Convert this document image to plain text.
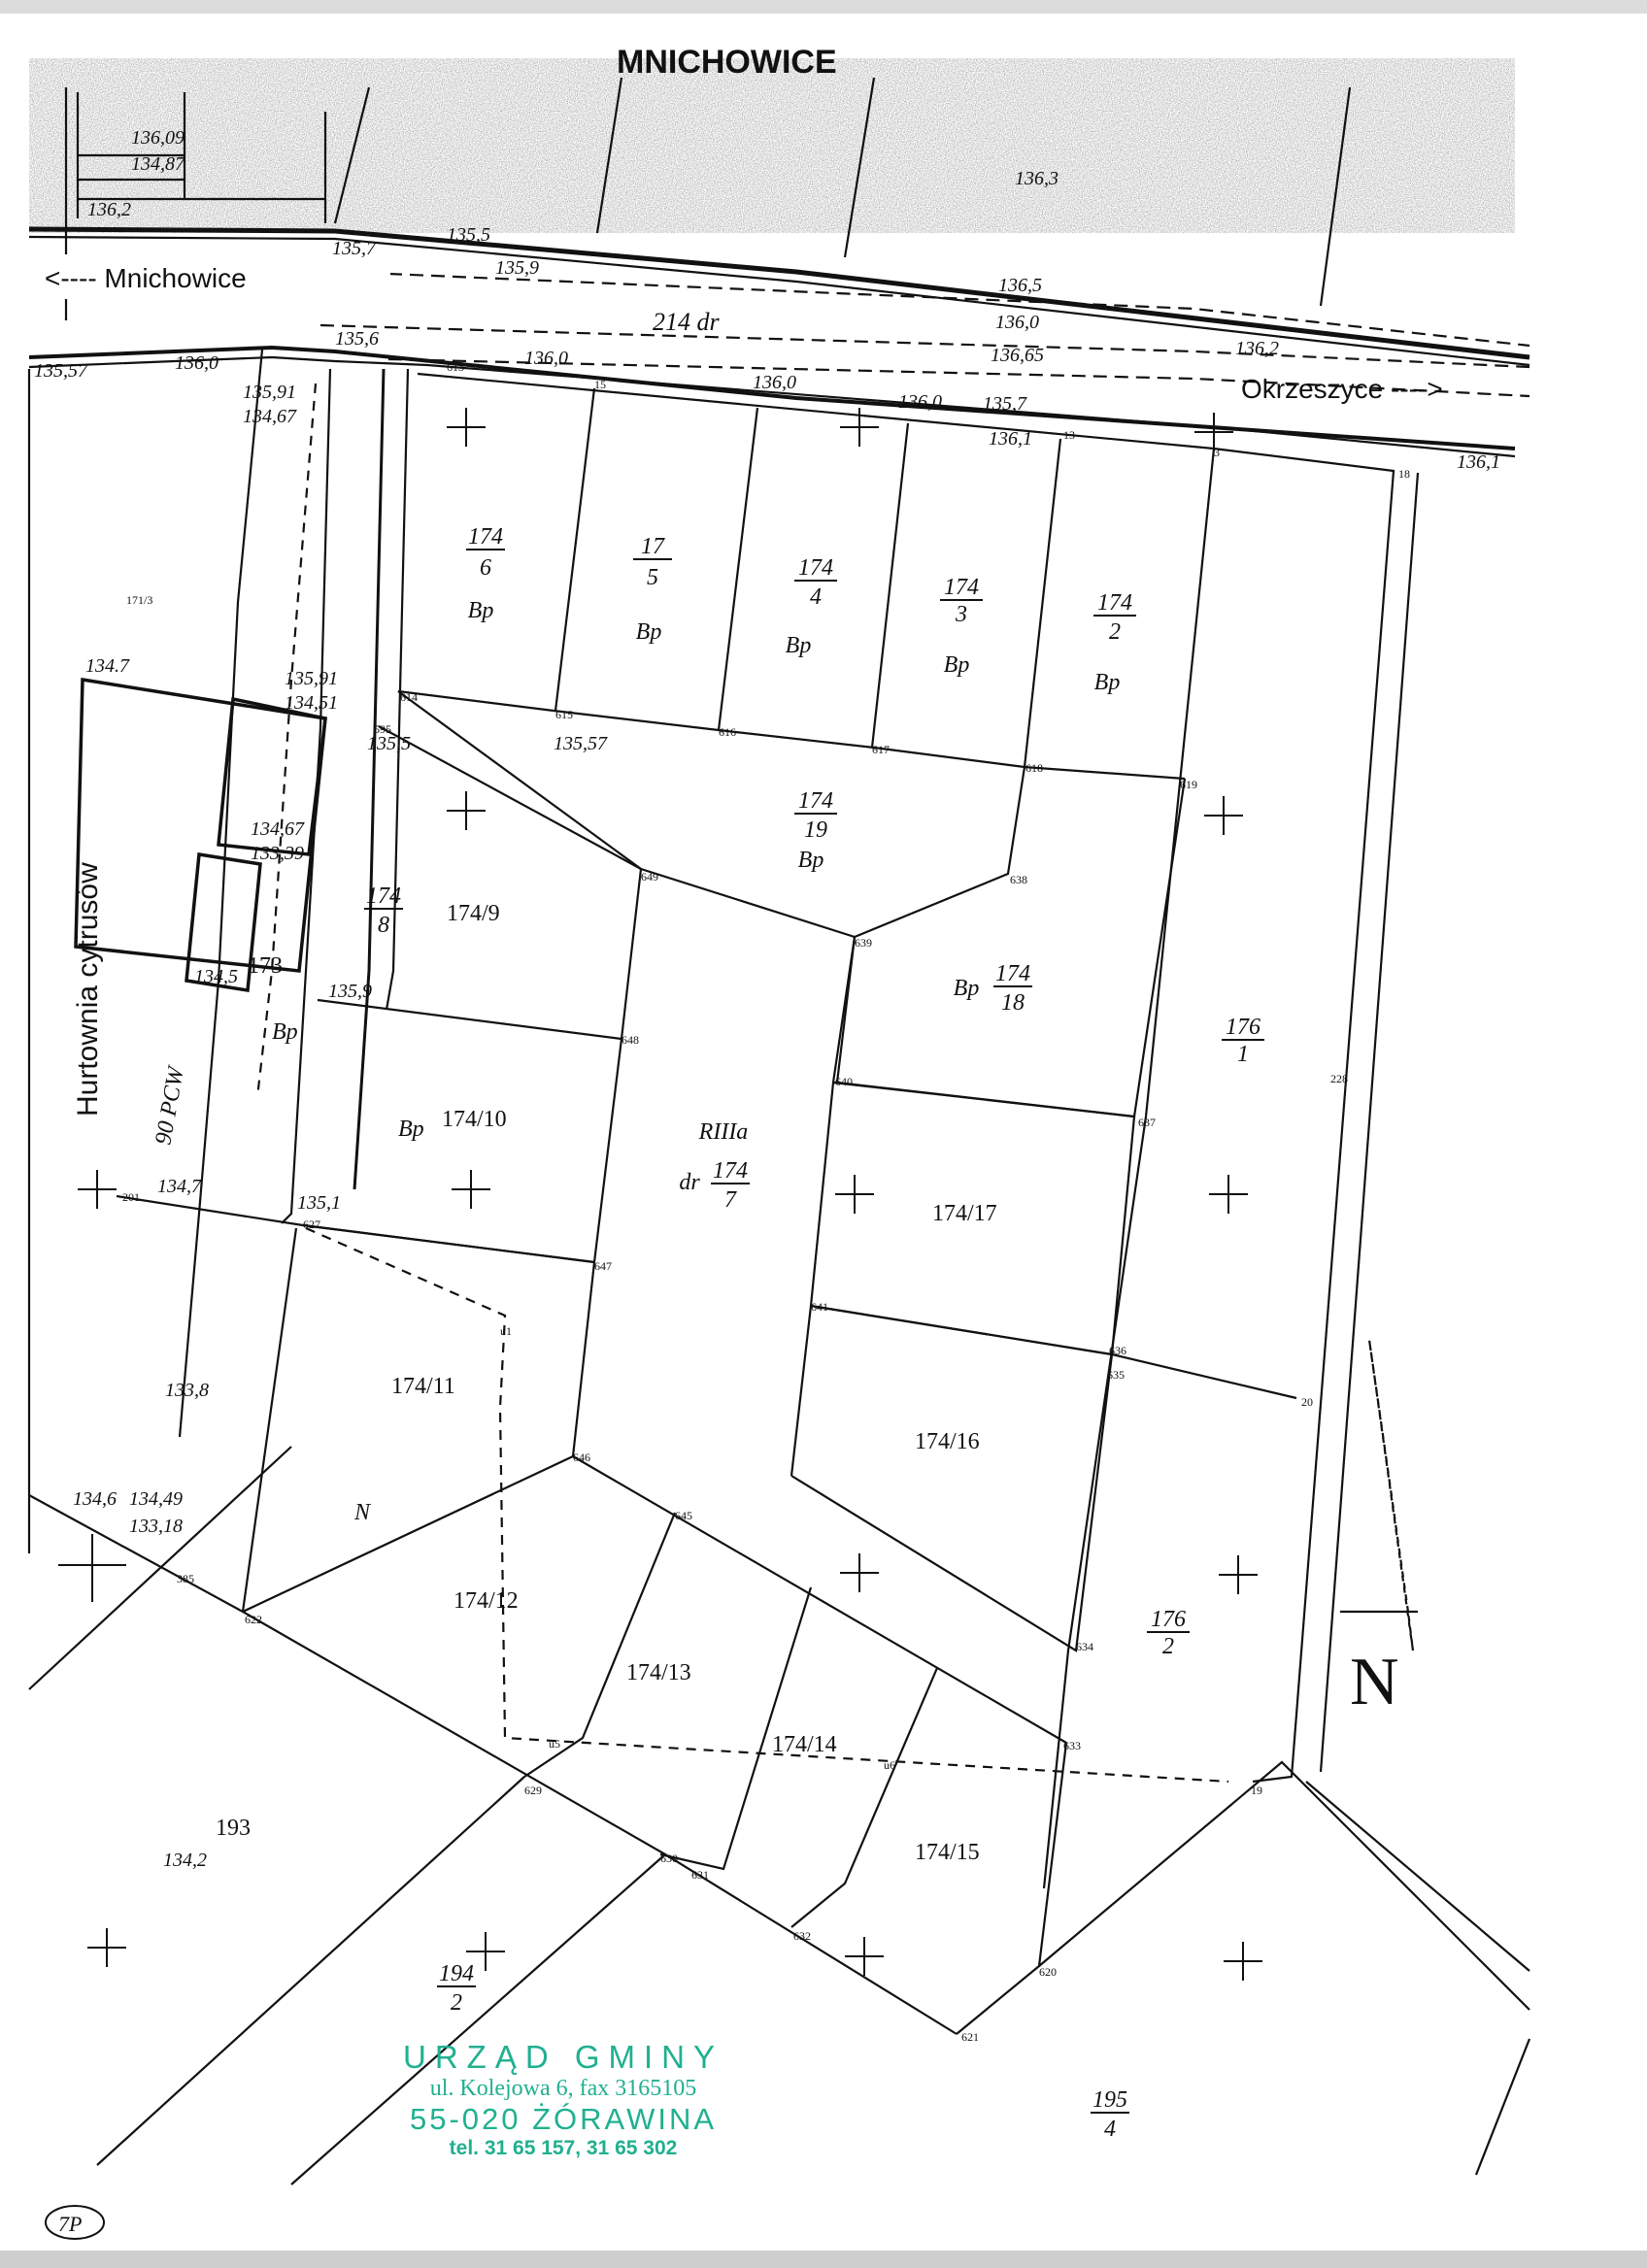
MNICHOWICE
<---- Mnichowice
Okrzeszyce ---->
214 dr
Hurtownia cytrusów 90 PCW
N
174
6
Bp
17
5
Bp
174
4
Bp
174
3
Bp
174
2
Bp
174
19
Bp
Bp
174
18
174
8
RIIIa
dr 174
7
176
1
176
2
194
2
195
4
174/9
174/10
174/11
174/12
174/13
174/14
174/15
174/16
174/17
173
193
171/3
Bp
Bp
N
136,09
134,87
136,2
135,7
135,5
135,9
136,5
136,3
136,0
136,65	136,2
135,57
136,1
135,6
135,91
134,67
136,0	136,0
136,0
136,0 135,7
136,1
134.7
135,91
134,51
134,67
133,39
135,5	135,57
134,5
135,9
134,7
135,1
133,8
134,6 134,49
133,18
134,2
613
614
615
616
617
618
619
620
621
622
627
629
630
631
632
633
634
635
636
637
638
639
640
641
645
646
647
648
649
385
201
20
19
3
18
13
15
u5
u6
u1
228
595
URZĄD GMINY
ul. Kolejowa 6, fax 3165105
55-020 ŻÓRAWINA
tel. 31 65 157, 31 65 302
7P
